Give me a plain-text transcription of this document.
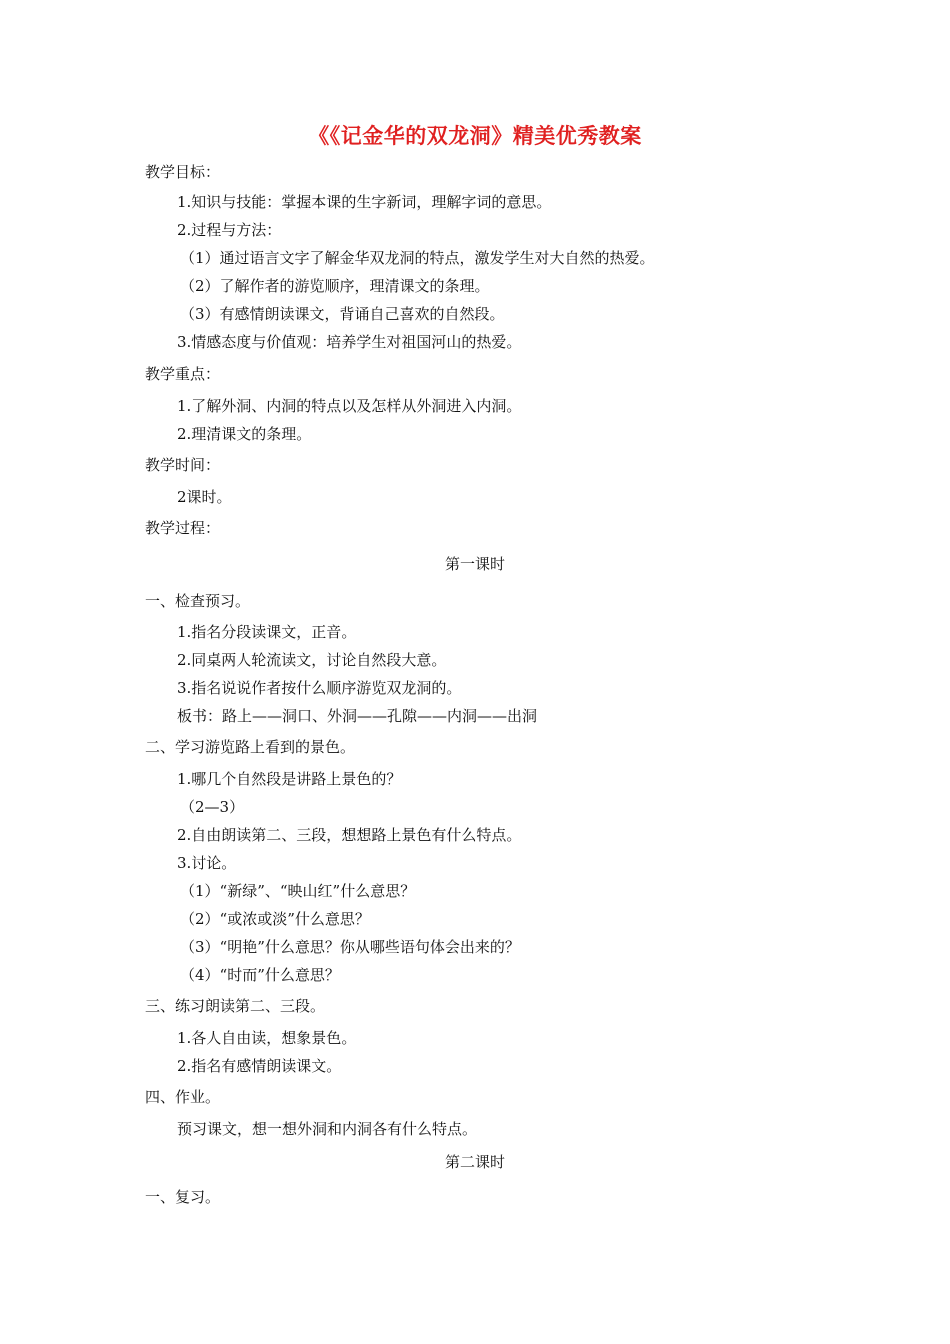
《《记金华的双龙洞》精美优秀教案
教学目标：
1.知识与技能：掌握本课的生字新词，理解字词的意思。
2.过程与方法：
（1）通过语言文字了解金华双龙洞的特点，激发学生对大自然的热爱。
（2）了解作者的游览顺序，理清课文的条理。
（3）有感情朗读课文，背诵自己喜欢的自然段。
3.情感态度与价值观：培养学生对祖国河山的热爱。
教学重点：
1.了解外洞、内洞的特点以及怎样从外洞进入内洞。
2.理清课文的条理。
教学时间：
2课时。
教学过程：
第一课时
一、检查预习。
1.指名分段读课文，正音。
2.同桌两人轮流读文，讨论自然段大意。
3.指名说说作者按什么顺序游览双龙洞的。
板书：路上——洞口、外洞——孔隙——内洞——出洞
二、学习游览路上看到的景色。
1.哪几个自然段是讲路上景色的？
（2—3）
2.自由朗读第二、三段，想想路上景色有什么特点。
3.讨论。
（1）“新绿”、“映山红”什么意思？
（2）“或浓或淡”什么意思？
（3）“明艳”什么意思？你从哪些语句体会出来的？
（4）“时而”什么意思？
三、练习朗读第二、三段。
1.各人自由读，想象景色。
2.指名有感情朗读课文。
四、作业。
预习课文，想一想外洞和内洞各有什么特点。
第二课时
一、复习。
